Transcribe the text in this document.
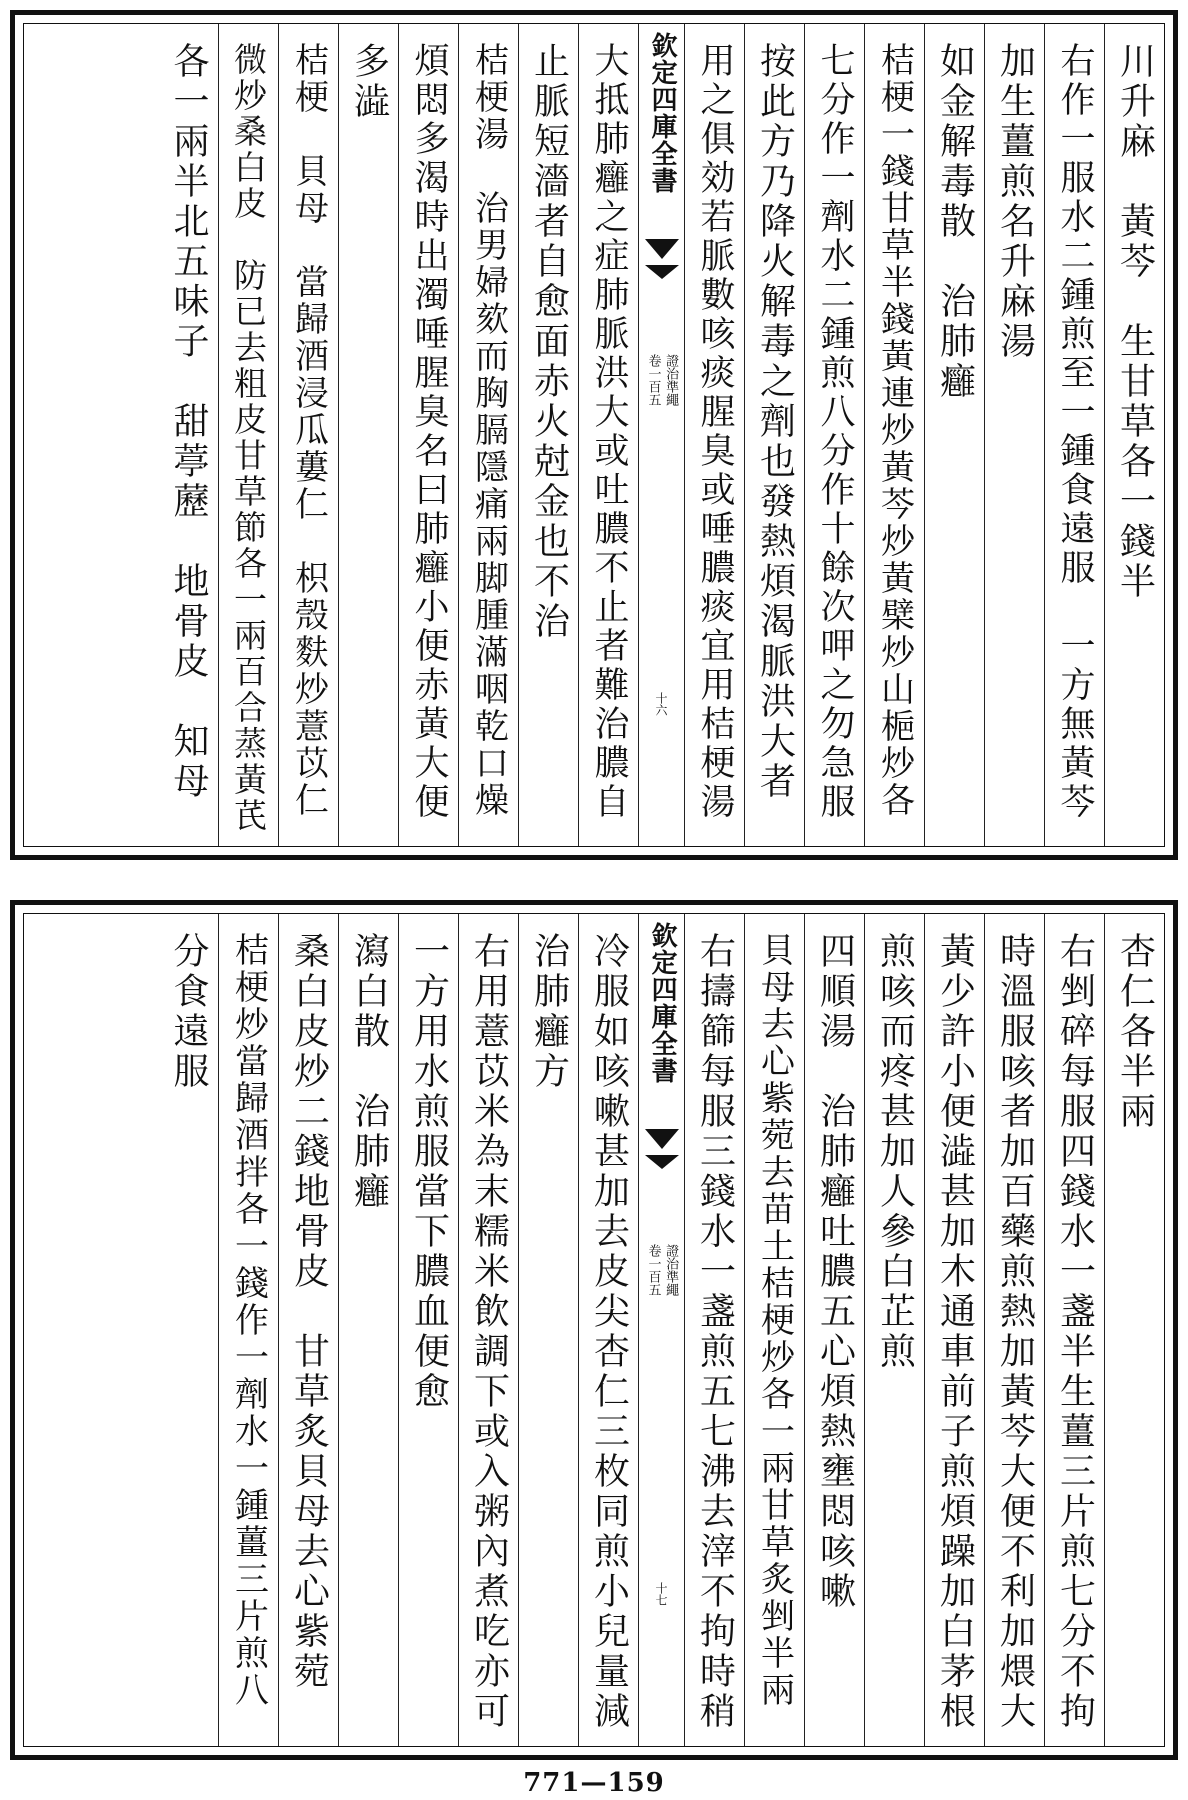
川升麻　黃芩　生甘草各一錢半
右作一服水二鍾煎至一鍾食遠服　一方無黃芩
加生薑煎名升麻湯
如金解毒散　治肺癰
桔梗一錢甘草半錢黃連炒黃芩炒黃檗炒山梔炒各
七分作一劑水二鍾煎八分作十餘次呷之勿急服
按此方乃降火解毒之劑也發熱煩渴脈洪大者
用之俱効若脈數咳痰腥臭或唾膿痰宜用桔梗湯
欽定四庫全書
證治準繩
卷一百五
十六
大抵肺癰之症肺脈洪大或吐膿不止者難治膿自
止脈短濇者自愈面赤火尅金也不治
桔梗湯　治男婦欬而胸膈隱痛兩脚腫滿咽乾口燥
煩悶多渴時出濁唾腥臭名曰肺癰小便赤黃大便
多澁
桔梗　貝母　當歸酒浸瓜蔞仁　枳殼麩炒薏苡仁
微炒桑白皮　防已去粗皮甘草節各一兩百合蒸黃芪
各一兩半北五味子　甜葶藶　地骨皮　知母
杏仁各半兩
右剉碎每服四錢水一盞半生薑三片煎七分不拘
時溫服咳者加百藥煎熱加黃芩大便不利加煨大
黃少許小便澁甚加木通車前子煎煩躁加白茅根
煎咳而疼甚加人參白芷煎
四順湯　治肺癰吐膿五心煩熱壅悶咳嗽
貝母去心紫菀去苗土桔梗炒各一兩甘草炙剉半兩
右擣篩每服三錢水一盞煎五七沸去滓不拘時稍
欽定四庫全書
證治準繩
卷一百五
十七
冷服如咳嗽甚加去皮尖杏仁三枚同煎小兒量減
治肺癰方
右用薏苡米為末糯米飲調下或入粥內煮吃亦可
一方用水煎服當下膿血便愈
瀉白散　治肺癰
桑白皮炒二錢地骨皮　甘草炙貝母去心紫菀
桔梗炒當歸酒拌各一錢作一劑水一鍾薑三片煎八
分食遠服
771—159
